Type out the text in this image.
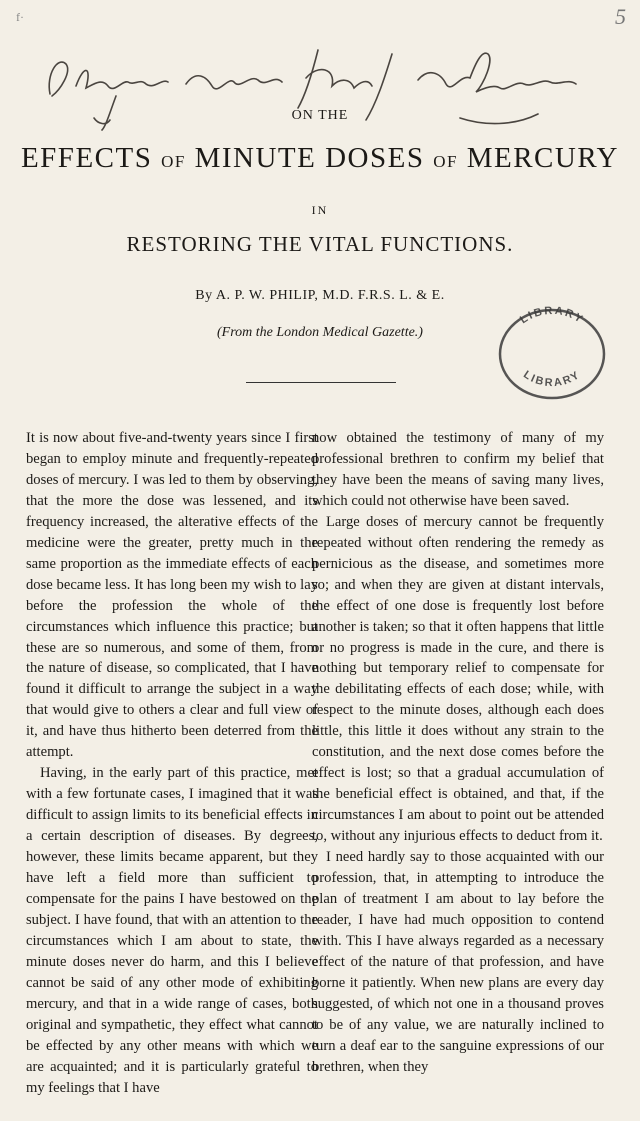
f·	5
ON THE
EFFECTS OF MINUTE DOSES OF MERCURY
IN
RESTORING THE VITAL FUNCTIONS.
By A. P. W. PHILIP, M.D. F.R.S. L. & E.
(From the London Medical Gazette.)
LIBRARY
LIBRARY

It is now about five-and-twenty years since I first began to employ minute and frequently-repeated doses of mercury. I was led to them by observing, that the more the dose was lessened, and its frequency increased, the alterative effects of the medicine were the greater, pretty much in the same proportion as the immediate effects of each dose became less. It has long been my wish to lay before the profession the whole of the circumstances which influence this practice; but these are so numerous, and some of them, from the nature of disease, so complicated, that I have found it difficult to arrange the subject in a way that would give to others a clear and full view of it, and have thus hitherto been deterred from the attempt.

Having, in the early part of this practice, met with a few fortunate cases, I imagined that it was difficult to assign limits to its beneficial effects in a certain description of diseases. By degrees, however, these limits became apparent, but they have left a field more than sufficient to compensate for the pains I have bestowed on the subject. I have found, that with an attention to the circumstances which I am about to state, the minute doses never do harm, and this I believe cannot be said of any other mode of exhibiting mercury, and that in a wide range of cases, both original and sympathetic, they effect what cannot be effected by any other means with which we are acquainted; and it is particularly grateful to my feelings that I have

now obtained the testimony of many of my professional brethren to confirm my belief that they have been the means of saving many lives, which could not otherwise have been saved.

Large doses of mercury cannot be frequently repeated without often rendering the remedy as pernicious as the disease, and sometimes more so; and when they are given at distant intervals, the effect of one dose is frequently lost before another is taken; so that it often happens that little or no progress is made in the cure, and there is nothing but temporary relief to compensate for the debilitating effects of each dose; while, with respect to the minute doses, although each does little, this little it does without any strain to the constitution, and the next dose comes before the effect is lost; so that a gradual accumulation of the beneficial effect is obtained, and that, if the circumstances I am about to point out be attended to, without any injurious effects to deduct from it.

I need hardly say to those acquainted with our profession, that, in attempting to introduce the plan of treatment I am about to lay before the reader, I have had much opposition to contend with. This I have always regarded as a necessary effect of the nature of that profession, and have borne it patiently. When new plans are every day suggested, of which not one in a thousand proves to be of any value, we are naturally inclined to turn a deaf ear to the sanguine expressions of our brethren, when they
